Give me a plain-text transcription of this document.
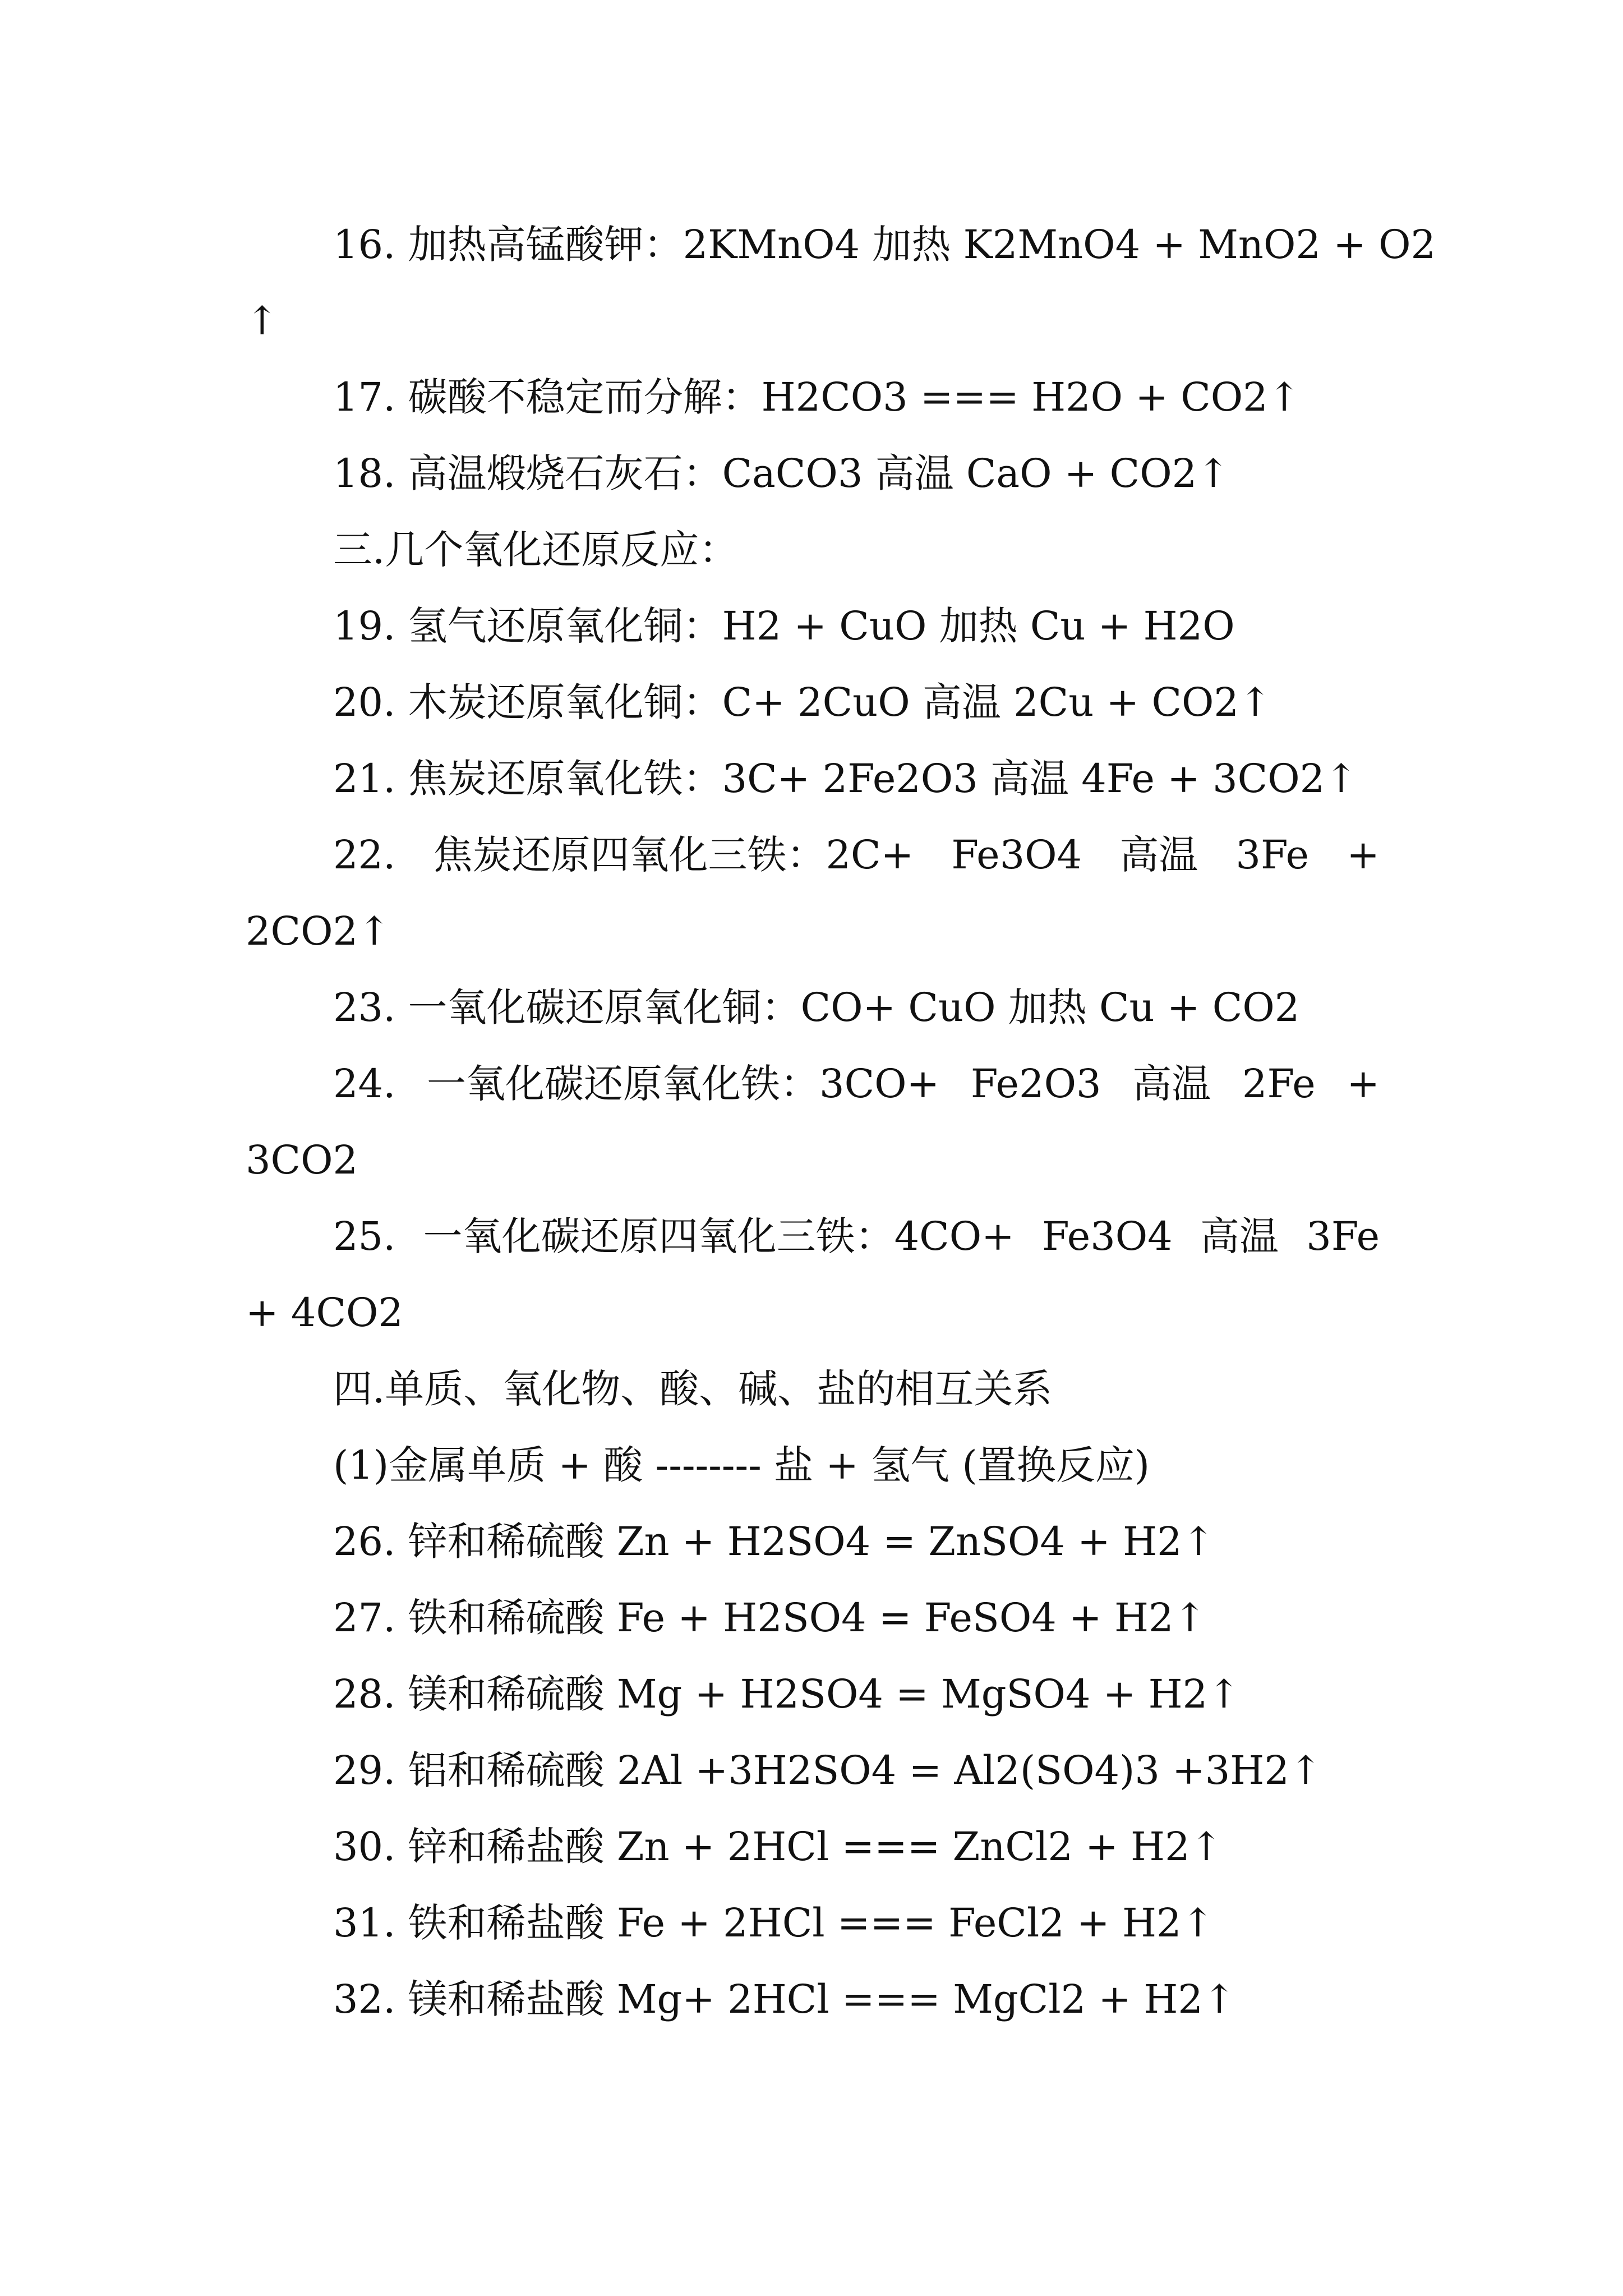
16. 加热高锰酸钾：2KMnO4 加热 K2MnO4 + MnO2 + O2
↑
17. 碳酸不稳定而分解：H2CO3 === H2O + CO2↑
18. 高温煅烧石灰石：CaCO3 高温 CaO + CO2↑
三.几个氧化还原反应：
19. 氢气还原氧化铜：H2 + CuO 加热 Cu + H2O
20. 木炭还原氧化铜：C+ 2CuO 高温 2Cu + CO2↑
21. 焦炭还原氧化铁：3C+ 2Fe2O3 高温 4Fe + 3CO2↑
22. 焦炭还原四氧化三铁：2C+ Fe3O4 高温 3Fe +
2CO2↑
23. 一氧化碳还原氧化铜：CO+ CuO 加热 Cu + CO2
24. 一氧化碳还原氧化铁：3CO+ Fe2O3 高温 2Fe +
3CO2
25. 一氧化碳还原四氧化三铁：4CO+ Fe3O4 高温 3Fe
+ 4CO2
四.单质、氧化物、酸、碱、盐的相互关系
(1)金属单质 + 酸 -------- 盐 + 氢气 (置换反应)
26. 锌和稀硫酸 Zn + H2SO4 = ZnSO4 + H2↑
27. 铁和稀硫酸 Fe + H2SO4 = FeSO4 + H2↑
28. 镁和稀硫酸 Mg + H2SO4 = MgSO4 + H2↑
29. 铝和稀硫酸 2Al +3H2SO4 = Al2(SO4)3 +3H2↑
30. 锌和稀盐酸 Zn + 2HCl === ZnCl2 + H2↑
31. 铁和稀盐酸 Fe + 2HCl === FeCl2 + H2↑
32. 镁和稀盐酸 Mg+ 2HCl === MgCl2 + H2↑
